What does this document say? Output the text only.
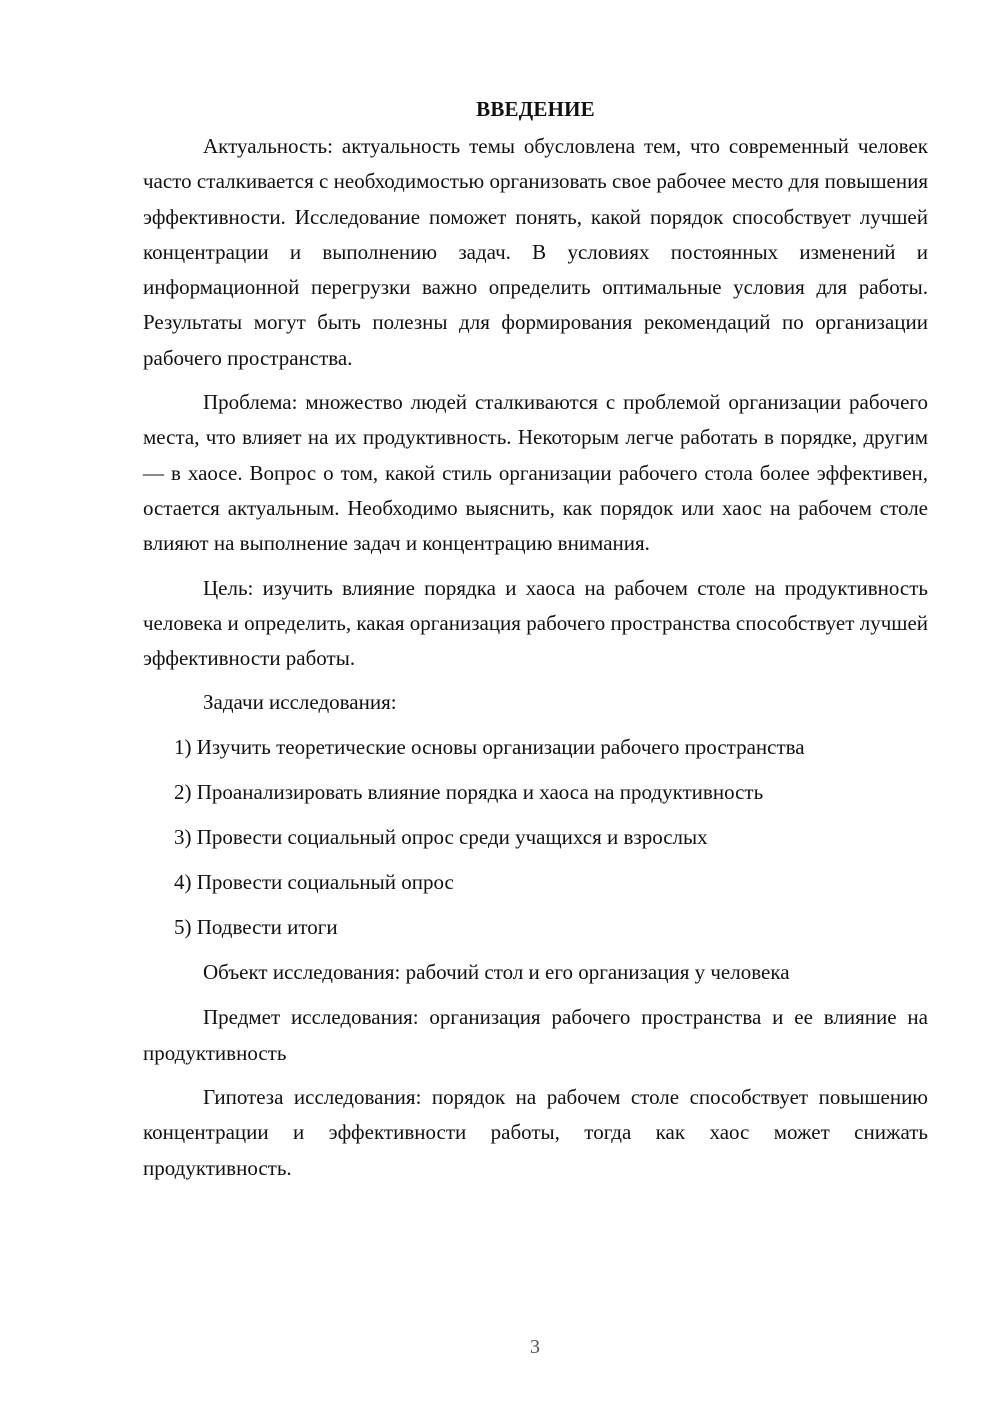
ВВЕДЕНИЕ

Актуальность: актуальность темы обусловлена тем, что современный человек часто сталкивается с необходимостью организовать свое рабочее место для повышения эффективности. Исследование поможет понять, какой порядок способствует лучшей концентрации и выполнению задач. В условиях постоянных изменений и информационной перегрузки важно определить оптимальные условия для работы. Результаты могут быть полезны для формирования рекомендаций по организации рабочего пространства.

Проблема: множество людей сталкиваются с проблемой организации рабочего места, что влияет на их продуктивность. Некоторым легче работать в порядке, другим — в хаосе. Вопрос о том, какой стиль организации рабочего стола более эффективен, остается актуальным. Необходимо выяснить, как порядок или хаос на рабочем столе влияют на выполнение задач и концентрацию внимания.

Цель: изучить влияние порядка и хаоса на рабочем столе на продуктивность человека и определить, какая организация рабочего пространства способствует лучшей эффективности работы.

Задачи исследования:

1) Изучить теоретические основы организации рабочего пространства

2) Проанализировать влияние порядка и хаоса на продуктивность

3) Провести социальный опрос среди учащихся и взрослых

4) Провести социальный опрос

5) Подвести итоги

Объект исследования: рабочий стол и его организация у человека

Предмет исследования: организация рабочего пространства и ее влияние на продуктивность

Гипотеза исследования: порядок на рабочем столе способствует повышению концентрации и эффективности работы, тогда как хаос может снижать продуктивность.

3
